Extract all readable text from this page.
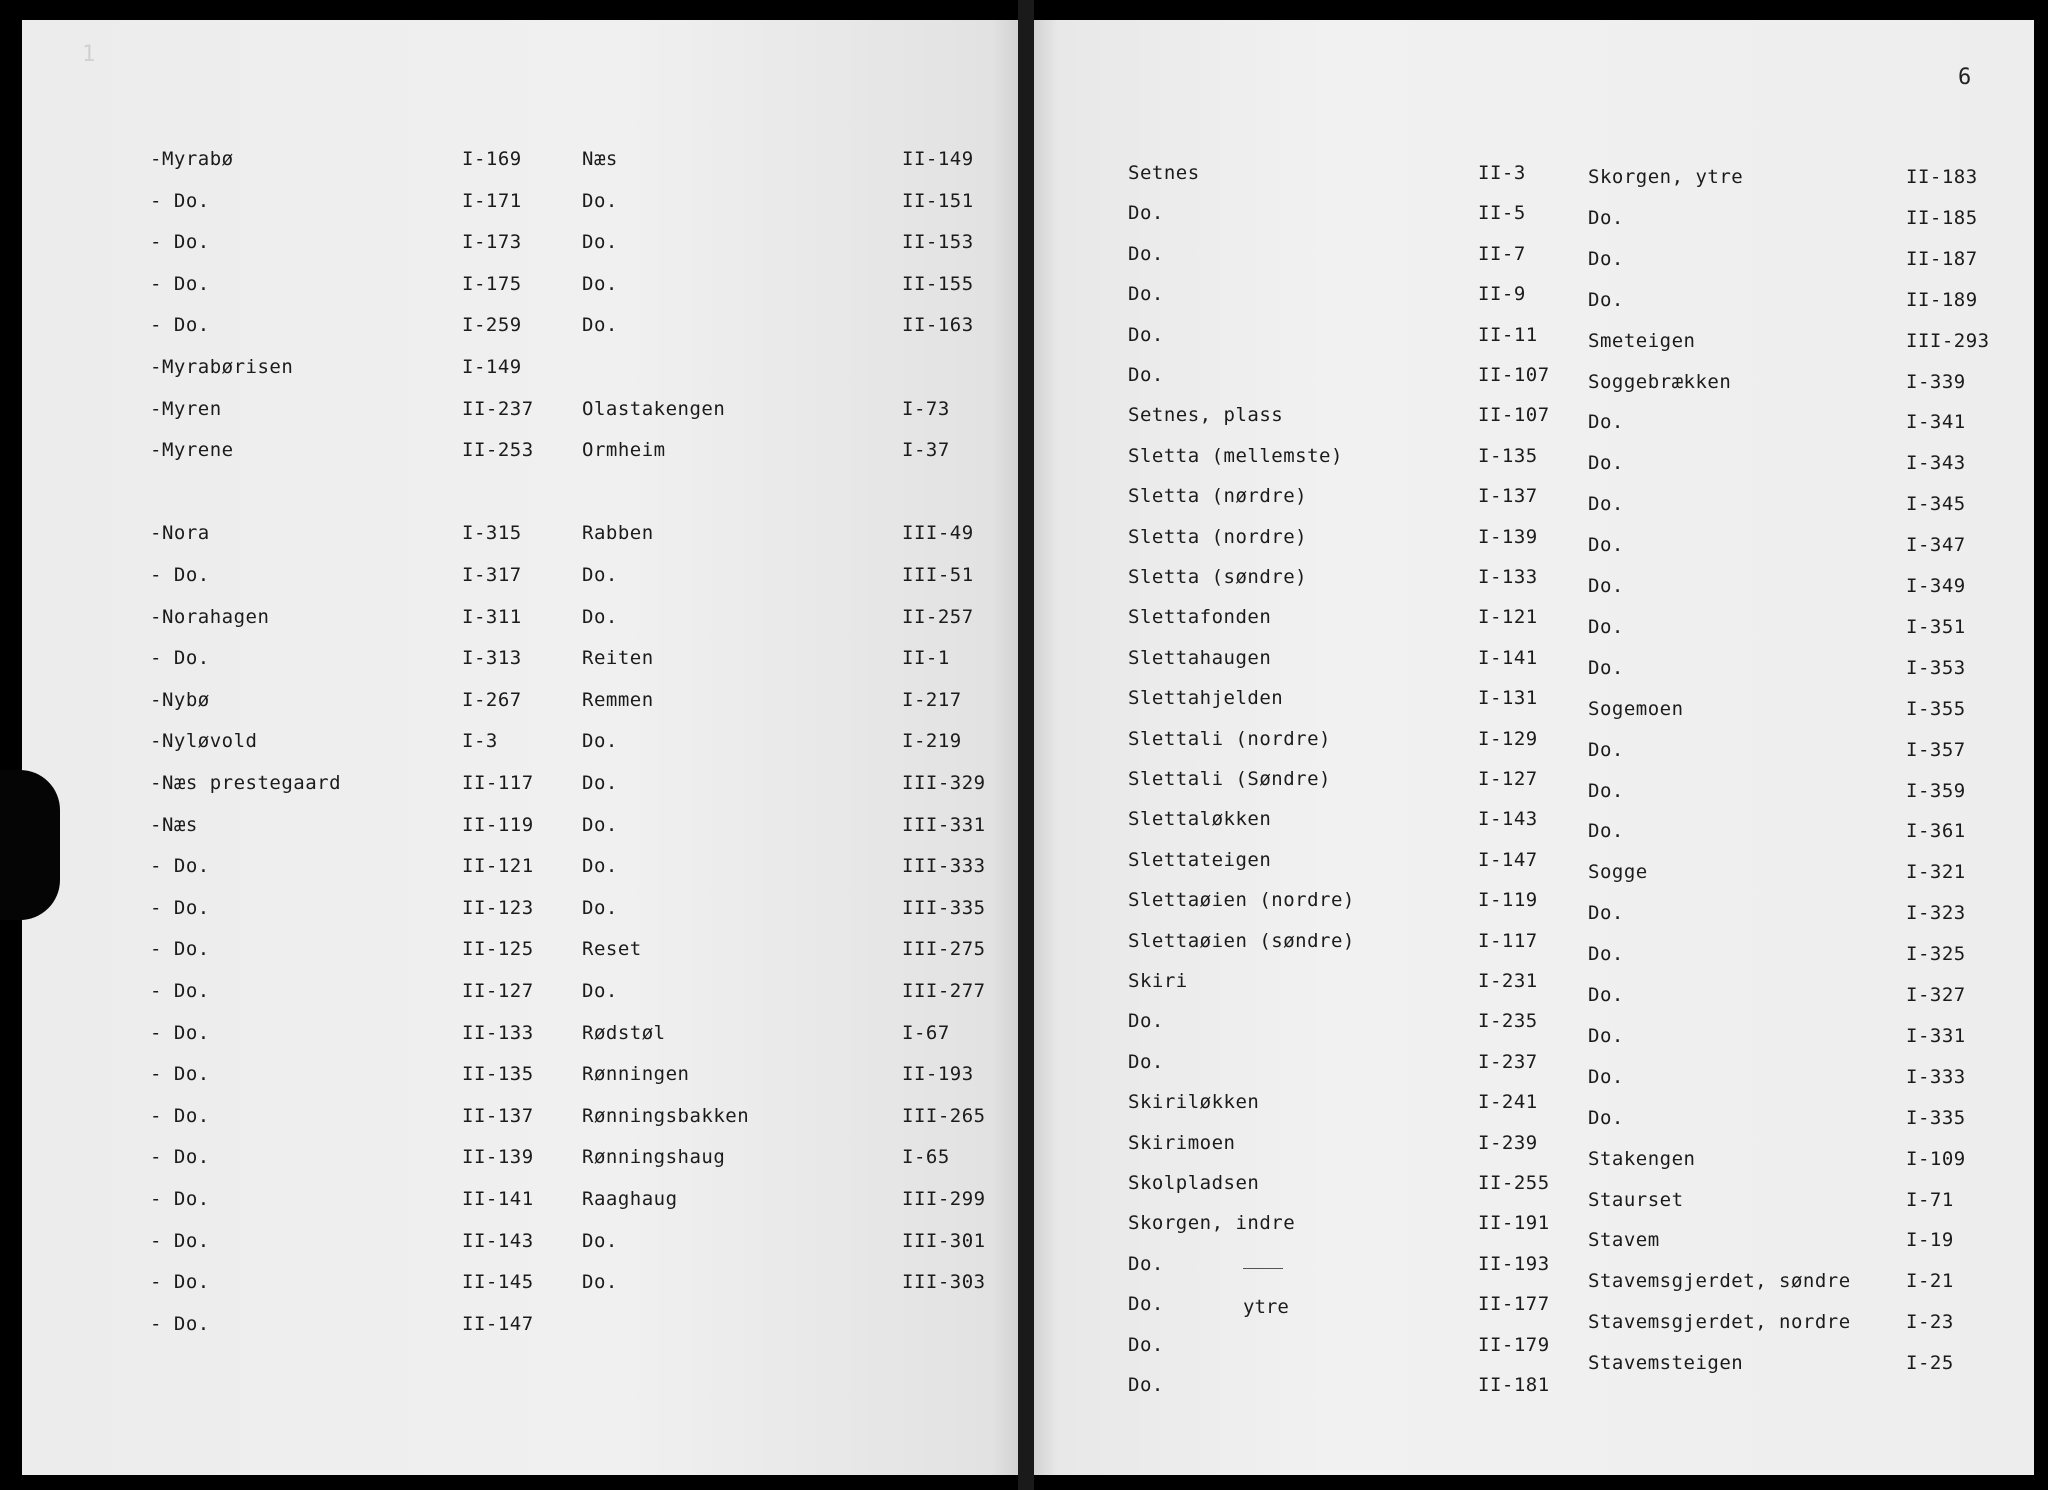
1
-Myrabø	I-169
- Do.	I-171
- Do.	I-173
- Do.	I-175
- Do.	I-259
-Myrabørisen	I-149
-Myren	II-237
-Myrene	II-253
-Nora	I-315
- Do.	I-317
-Norahagen	I-311
- Do.	I-313
-Nybø	I-267
-Nyløvold	I-3
-Næs prestegaard	II-117
-Næs	II-119
- Do.	II-121
- Do.	II-123
- Do.	II-125
- Do.	II-127
- Do.	II-133
- Do.	II-135
- Do.	II-137
- Do.	II-139
- Do.	II-141
- Do.	II-143
- Do.	II-145
- Do.	II-147
Næs	II-149
Do.	II-151
Do.	II-153
Do.	II-155
Do.	II-163
Olastakengen	I-73
Ormheim	I-37
Rabben	III-49
Do.	III-51
Do.	II-257
Reiten	II-1
Remmen	I-217
Do.	I-219
Do.	III-329
Do.	III-331
Do.	III-333
Do.	III-335
Reset	III-275
Do.	III-277
Rødstøl	I-67
Rønningen	II-193
Rønningsbakken	III-265
Rønningshaug	I-65
Raaghaug	III-299
Do.	III-301
Do.	III-303
6
Setnes	II-3
Do.	II-5
Do.	II-7
Do.	II-9
Do.	II-11
Do.	II-107
Setnes, plass	II-107
Sletta (mellemste)	I-135
Sletta (nørdre)	I-137
Sletta (nordre)	I-139
Sletta (søndre)	I-133
Slettafonden	I-121
Slettahaugen	I-141
Slettahjelden	I-131
Slettali (nordre)	I-129
Slettali (Søndre)	I-127
Slettaløkken	I-143
Slettateigen	I-147
Slettaøien (nordre)	I-119
Slettaøien (søndre)	I-117
Skiri	I-231
Do.	I-235
Do.	I-237
Skiriløkken	I-241
Skirimoen	I-239
Skolpladsen	II-255
Skorgen, indre	II-191
Do.	II-193
Do.	II-177
Do.	II-179
Do.	II-181
Skorgen, ytre	II-183
Do.	II-185
Do.	II-187
Do.	II-189
Smeteigen	III-293
Soggebrækken	I-339
Do.	I-341
Do.	I-343
Do.	I-345
Do.	I-347
Do.	I-349
Do.	I-351
Do.	I-353
Sogemoen	I-355
Do.	I-357
Do.	I-359
Do.	I-361
Sogge	I-321
Do.	I-323
Do.	I-325
Do.	I-327
Do.	I-331
Do.	I-333
Do.	I-335
Stakengen	I-109
Staurset	I-71
Stavem	I-19
Stavemsgjerdet, søndre	I-21
Stavemsgjerdet, nordre	I-23
Stavemsteigen	I-25
ytre
